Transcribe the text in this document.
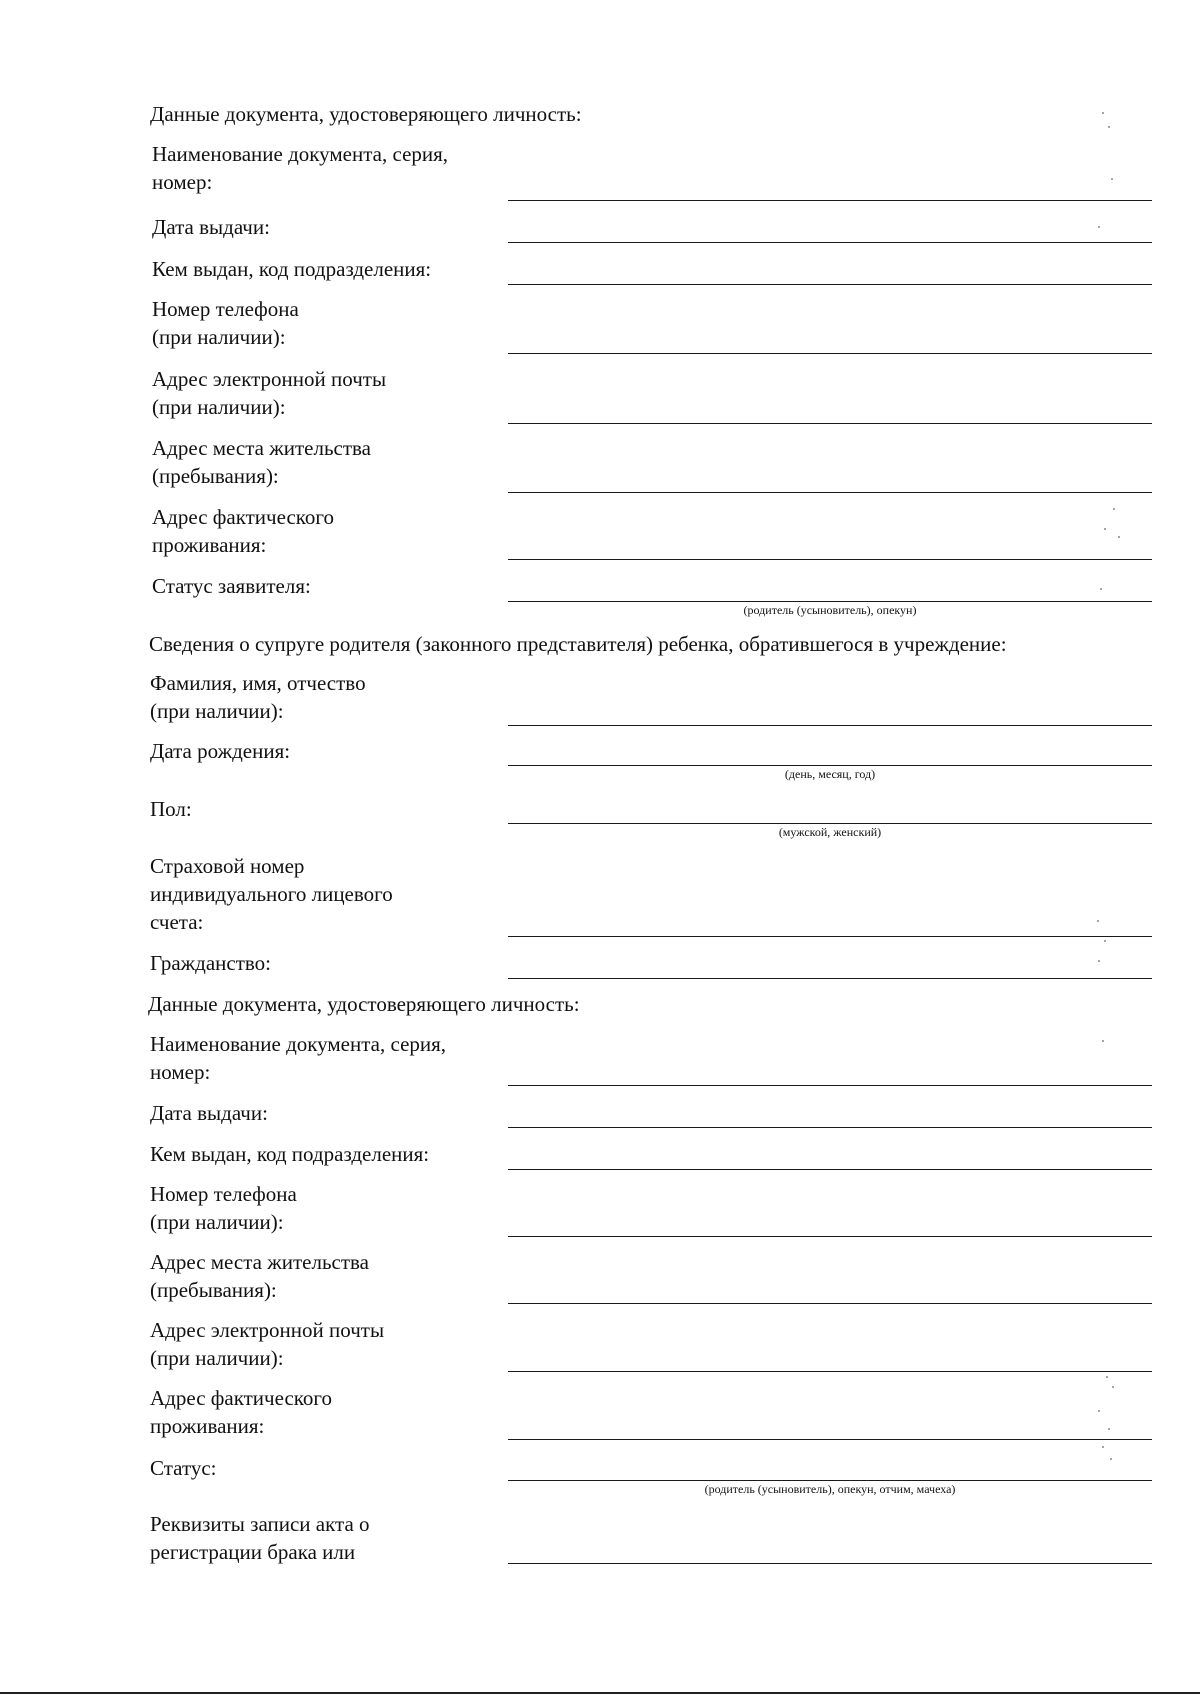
Данные документа, удостоверяющего личность:
Наименование документа, серия,
номер:
Дата выдачи:
Кем выдан, код подразделения:
Номер телефона
(при наличии):
Адрес электронной почты
(при наличии):
Адрес места жительства
(пребывания):
Адрес фактического
проживания:
Статус заявителя:
(родитель (усыновитель), опекун)
Сведения о супруге родителя (законного представителя) ребенка, обратившегося в учреждение:
Фамилия, имя, отчество
(при наличии):
Дата рождения:
(день, месяц, год)
Пол:
(мужской, женский)
Страховой номер
индивидуального лицевого
счета:
Гражданство:
Данные документа, удостоверяющего личность:
Наименование документа, серия,
номер:
Дата выдачи:
Кем выдан, код подразделения:
Номер телефона
(при наличии):
Адрес места жительства
(пребывания):
Адрес электронной почты
(при наличии):
Адрес фактического
проживания:
Статус:
(родитель (усыновитель), опекун, отчим, мачеха)
Реквизиты записи акта о
регистрации брака или
